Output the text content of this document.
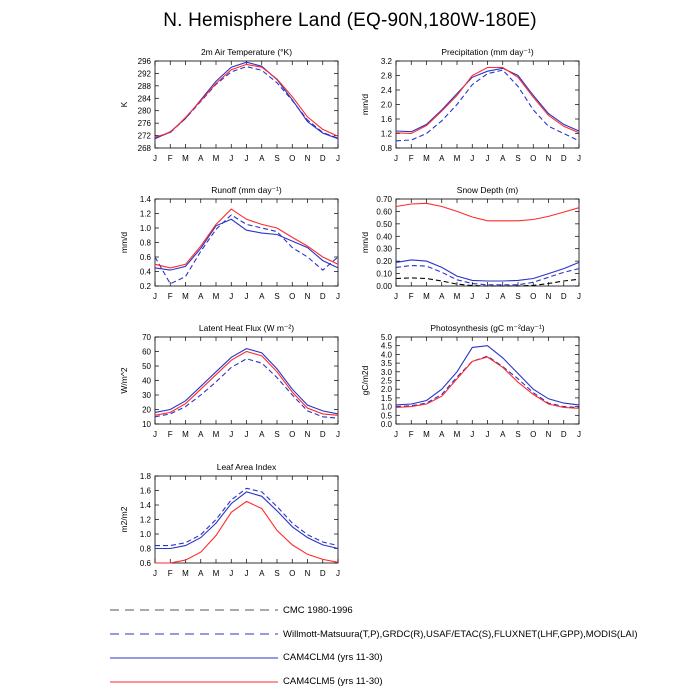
N. Hemisphere Land (EQ-90N,180W-180E)
2m Air Temperature (°K)
K
268
272
276
280
284
288
292
296
J F M A M J J A S O N D J
Precipitation (mm day⁻¹)
mm/d
0.8
1.2
1.6
2.0
2.4
2.8
3.2
J F M A M J J A S O N D J
Runoff (mm day⁻¹)
mm/d
0.2
0.4
0.6
0.8
1.0
1.2
1.4
J F M A M J J A S O N D J
Snow Depth (m)
mm/d
0.00
0.10
0.20
0.30
0.40
0.50
0.60
0.70
J F M A M J J A S O N D J
Latent Heat Flux (W m⁻²)
W/m^2
10
20
30
40
50
60
70
J F M A M J J A S O N D J
Photosynthesis (gC m⁻²day⁻¹)
gC/m2d
0.0
0.5
1.0
1.5
2.0
2.5
3.0
3.5
4.0
4.5
5.0
J F M A M J J A S O N D J
Leaf Area Index
m2/m2
0.6
0.8
1.0
1.2
1.4
1.6
1.8
J F M A M J J A S O N D J
CMC 1980-1996
Willmott-Matsuura(T,P),GRDC(R),USAF/ETAC(S),FLUXNET(LHF,GPP),MODIS(LAI)
CAM4CLM4 (yrs 11-30)
CAM4CLM5 (yrs 11-30)
